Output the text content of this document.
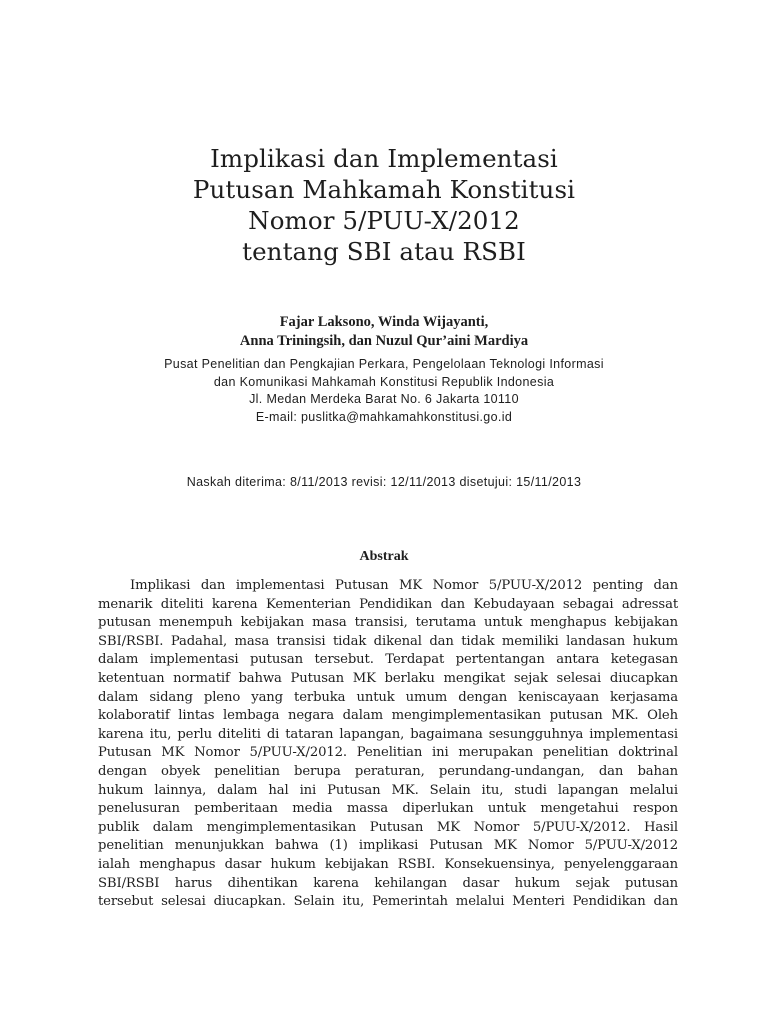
Implikasi dan Implementasi
Putusan Mahkamah Konstitusi
Nomor 5/PUU-X/2012
tentang SBI atau RSBI
Fajar Laksono, Winda Wijayanti,
Anna Triningsih, dan Nuzul Qur’aini Mardiya
Pusat Penelitian dan Pengkajian Perkara, Pengelolaan Teknologi Informasi
dan Komunikasi Mahkamah Konstitusi Republik Indonesia
Jl. Medan Merdeka Barat No. 6 Jakarta 10110
E-mail: puslitka@mahkamahkonstitusi.go.id
Naskah diterima: 8/11/2013 revisi: 12/11/2013 disetujui: 15/11/2013
Abstrak
Implikasi dan implementasi Putusan MK Nomor 5/PUU-X/2012 penting dan
menarik diteliti karena Kementerian Pendidikan dan Kebudayaan sebagai adressat
putusan menempuh kebijakan masa transisi, terutama untuk menghapus kebijakan
SBI/RSBI. Padahal, masa transisi tidak dikenal dan tidak memiliki landasan hukum
dalam implementasi putusan tersebut. Terdapat pertentangan antara ketegasan
ketentuan normatif bahwa Putusan MK berlaku mengikat sejak selesai diucapkan
dalam sidang pleno yang terbuka untuk umum dengan keniscayaan kerjasama
kolaboratif lintas lembaga negara dalam mengimplementasikan putusan MK. Oleh
karena itu, perlu diteliti di tataran lapangan, bagaimana sesungguhnya implementasi
Putusan MK Nomor 5/PUU-X/2012. Penelitian ini merupakan penelitian doktrinal
dengan obyek penelitian berupa peraturan, perundang-undangan, dan bahan
hukum lainnya, dalam hal ini Putusan MK. Selain itu, studi lapangan melalui
penelusuran pemberitaan media massa diperlukan untuk mengetahui respon
publik dalam mengimplementasikan Putusan MK Nomor 5/PUU-X/2012. Hasil
penelitian menunjukkan bahwa (1) implikasi Putusan MK Nomor 5/PUU-X/2012
ialah menghapus dasar hukum kebijakan RSBI. Konsekuensinya, penyelenggaraan
SBI/RSBI harus dihentikan karena kehilangan dasar hukum sejak putusan
tersebut selesai diucapkan. Selain itu, Pemerintah melalui Menteri Pendidikan dan
